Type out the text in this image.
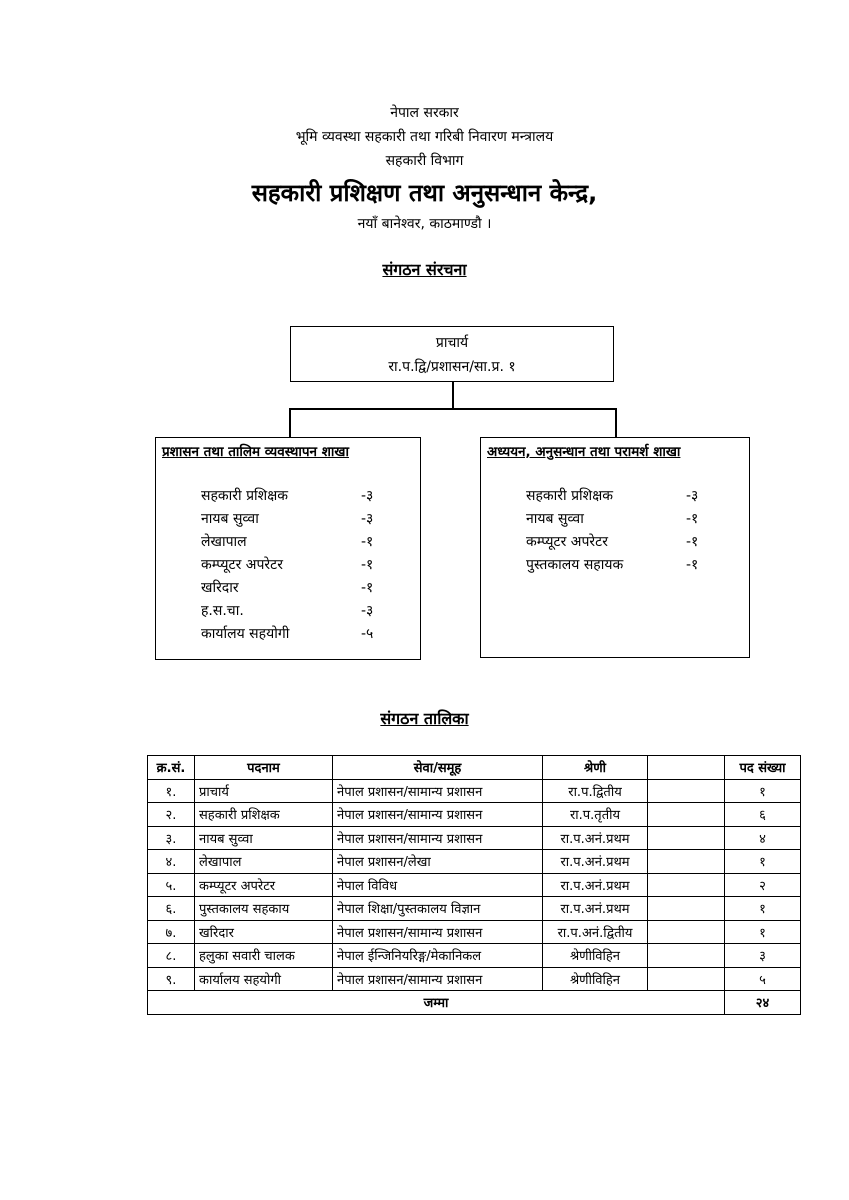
नेपाल सरकार
भूमि व्यवस्था सहकारी तथा गरिबी निवारण मन्त्रालय
सहकारी विभाग
सहकारी प्रशिक्षण तथा अनुसन्धान केन्द्र,
नयाँ बानेश्वर, काठमाण्डौ ।
संगठन संरचना
प्राचार्य
रा.प.द्वि/प्रशासन/सा.प्र. १
प्रशासन तथा तालिम व्यवस्थापन शाखा
सहकारी प्रशिक्षक	-३
नायब सुव्वा	-३
लेखापाल	-१
कम्प्यूटर अपरेटर	-१
खरिदार	-१
ह.स.चा.	-३
कार्यालय सहयोगी	-५
अध्ययन, अनुसन्धान तथा परामर्श शाखा
सहकारी प्रशिक्षक	-३
नायब सुव्वा	-१
कम्प्यूटर अपरेटर	-१
पुस्तकालय सहायक	-१
संगठन तालिका
क्र.सं.	पदनाम	सेवा/समूह	श्रेणी		पद संख्या
१.	प्राचार्य	नेपाल प्रशासन/सामान्य प्रशासन	रा.प.द्वितीय		१
२.	सहकारी प्रशिक्षक	नेपाल प्रशासन/सामान्य प्रशासन	रा.प.तृतीय		६
३.	नायब सुव्वा	नेपाल प्रशासन/सामान्य प्रशासन	रा.प.अनं.प्रथम		४
४.	लेखापाल	नेपाल प्रशासन/लेखा	रा.प.अनं.प्रथम		१
५.	कम्प्यूटर अपरेटर	नेपाल विविध	रा.प.अनं.प्रथम		२
६.	पुस्तकालय सहकाय	नेपाल शिक्षा/पुस्तकालय विज्ञान	रा.प.अनं.प्रथम		१
७.	खरिदार	नेपाल प्रशासन/सामान्य प्रशासन	रा.प.अनं.द्वितीय		१
८.	हलुका सवारी चालक	नेपाल ईन्जिनियरिङ्ग/मेकानिकल	श्रेणीविहिन		३
९.	कार्यालय सहयोगी	नेपाल प्रशासन/सामान्य प्रशासन	श्रेणीविहिन		५
जम्मा					२४
